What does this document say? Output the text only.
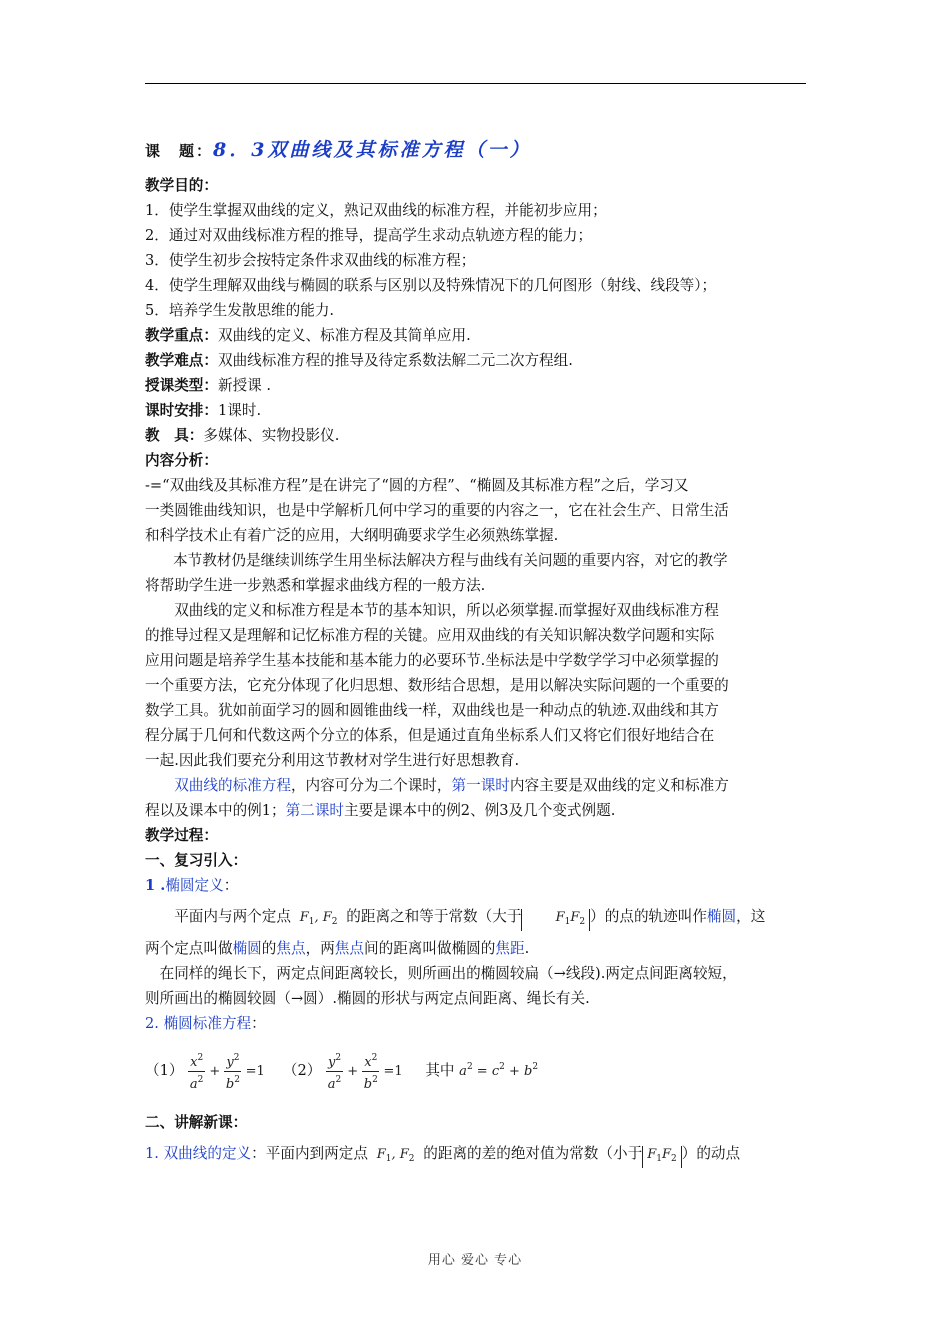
课　题：8．3双曲线及其标准方程（一）
教学目的：
1．使学生掌握双曲线的定义，熟记双曲线的标准方程，并能初步应用；
2．通过对双曲线标准方程的推导，提高学生求动点轨迹方程的能力；
3．使学生初步会按特定条件求双曲线的标准方程；
4．使学生理解双曲线与椭圆的联系与区别以及特殊情况下的几何图形（射线、线段等）；
5．培养学生发散思维的能力.
教学重点：双曲线的定义、标准方程及其简单应用.
教学难点：双曲线标准方程的推导及待定系数法解二元二次方程组.
授课类型：新授课 .
课时安排：1课时.
教　具：多媒体、实物投影仪.
内容分析：
-=“双曲线及其标准方程”是在讲完了“圆的方程”、“椭圆及其标准方程”之后，学习又
一类圆锥曲线知识，也是中学解析几何中学习的重要的内容之一，它在社会生产、日常生活
和科学技术止有着广泛的应用，大纲明确要求学生必须熟练掌握.
本节教材仍是继续训练学生用坐标法解决方程与曲线有关问题的重要内容，对它的教学
将帮助学生进一步熟悉和掌握求曲线方程的一般方法.
双曲线的定义和标准方程是本节的基本知识，所以必须掌握.而掌握好双曲线标准方程
的推导过程又是理解和记忆标准方程的关键。应用双曲线的有关知识解决数学问题和实际
应用问题是培养学生基本技能和基本能力的必要环节.坐标法是中学数学学习中必须掌握的
一个重要方法，它充分体现了化归思想、数形结合思想，是用以解决实际问题的一个重要的
数学工具。犹如前面学习的圆和圆锥曲线一样，双曲线也是一种动点的轨迹.双曲线和其方
程分属于几何和代数这两个分立的体系，但是通过直角坐标系人们又将它们很好地结合在
一起.因此我们要充分利用这节教材对学生进行好思想教育.
双曲线的标准方程，内容可分为二个课时，第一课时内容主要是双曲线的定义和标准方
程以及课本中的例1；第二课时主要是课本中的例2、例3及几个变式例题.
教学过程：
一、复习引入：
1 .椭圆定义：
平面内与两个定点  $F_1$, $F_2$ 的距离之和等于常数（大于	$F_1F_2$ ）的点的轨迹叫作椭圆，这
两个定点叫做椭圆的焦点，两焦点间的距离叫做椭圆的焦距.
在同样的绳长下，两定点间距离较长，则所画出的椭圆较扁（→线段).两定点间距离较短，
则所画出的椭圆较圆（→圆）.椭圆的形状与两定点间距离、绳长有关.
2. 椭圆标准方程：
$(1) \frac{x^2}{a^2} + \frac{y^2}{b^2} =1$ $(2) \frac{y^2}{a^2} + \frac{x^2}{b^2} =1$ 其中 $a^2 = c^2 + b^2$
二、讲解新课：
1. 双曲线的定义：平面内到两定点  $F_1$, $F_2$ 的距离的差的绝对值为常数（小于 $F_1F_2$ ）的动点
用心 爱心 专心
